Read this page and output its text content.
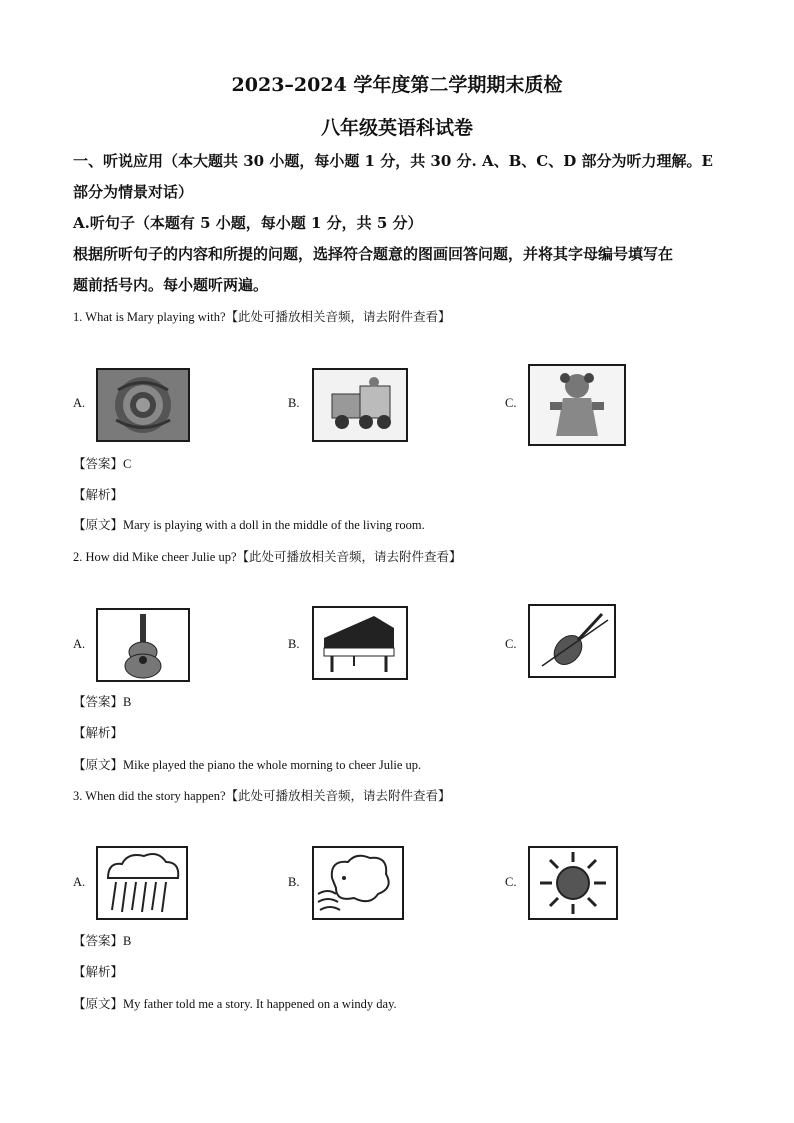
2023–2024 学年度第二学期期末质检
八年级英语科试卷
一、听说应用（本大题共 30 小题，每小题 1 分，共 30 分. A、B、C、D 部分为听力理解。E
部分为情景对话）
A.听句子（本题有 5 小题，每小题 1 分，共 5 分）
根据所听句子的内容和所提的问题，选择符合题意的图画回答问题，并将其字母编号填写在
题前括号内。每小题听两遍。
1. What is Mary playing with?【此处可播放相关音频，请去附件查看】
A.	B.	C.
【答案】C
【解析】
【原文】Mary is playing with a doll in the middle of the living room.
2. How did Mike cheer Julie up?【此处可播放相关音频，请去附件查看】
A.	B.	C.
【答案】B
【解析】
【原文】Mike played the piano the whole morning to cheer Julie up.
3. When did the story happen?【此处可播放相关音频，请去附件查看】
A.	B.	C.
【答案】B
【解析】
【原文】My father told me a story. It happened on a windy day.
